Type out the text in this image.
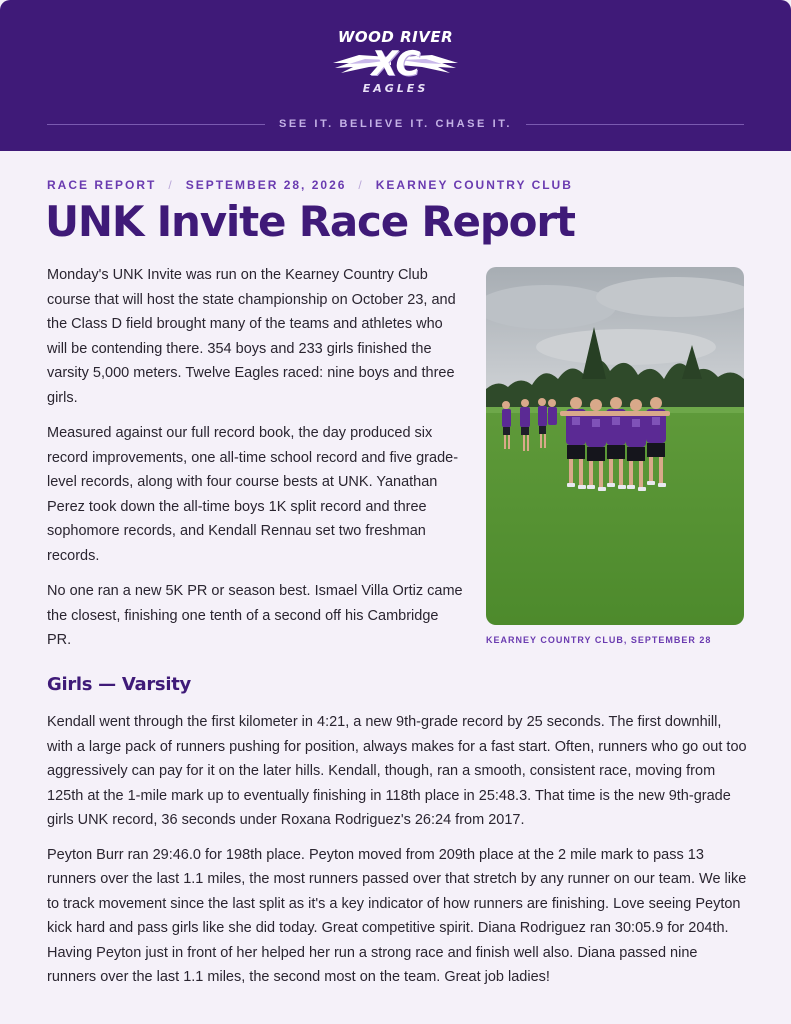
WOOD RIVER
XC
EAGLES
SEE IT. BELIEVE IT. CHASE IT.
RACE REPORT / SEPTEMBER 28, 2026 / KEARNEY COUNTRY CLUB
UNK Invite Race Report

Monday's UNK Invite was run on the Kearney Country Club course that will host the state championship on October 23, and the Class D field brought many of the teams and athletes who will be contending there. 354 boys and 233 girls finished the varsity 5,000 meters. Twelve Eagles raced: nine boys and three girls.

Measured against our full record book, the day produced six record improvements, one all-time school record and five grade-level records, along with four course bests at UNK. Yanathan Perez took down the all-time boys 1K split record and three sophomore records, and Kendall Rennau set two freshman records.

No one ran a new 5K PR or season best. Ismael Villa Ortiz came the closest, finishing one tenth of a second off his Cambridge PR.	KEARNEY COUNTRY CLUB, SEPTEMBER 28
Girls — Varsity

Kendall went through the first kilometer in 4:21, a new 9th-grade record by 25 seconds. The first downhill, with a large pack of runners pushing for position, always makes for a fast start. Often, runners who go out too aggressively can pay for it on the later hills. Kendall, though, ran a smooth, consistent race, moving from 125th at the 1-mile mark up to eventually finishing in 118th place in 25:48.3. That time is the new 9th-grade girls UNK record, 36 seconds under Roxana Rodriguez's 26:24 from 2017.

Peyton Burr ran 29:46.0 for 198th place. Peyton moved from 209th place at the 2 mile mark to pass 13 runners over the last 1.1 miles, the most runners passed over that stretch by any runner on our team. We like to track movement since the last split as it's a key indicator of how runners are finishing. Love seeing Peyton kick hard and pass girls like she did today. Great competitive spirit. Diana Rodriguez ran 30:05.9 for 204th. Having Peyton just in front of her helped her run a strong race and finish well also. Diana passed nine runners over the last 1.1 miles, the second most on the team. Great job ladies!
